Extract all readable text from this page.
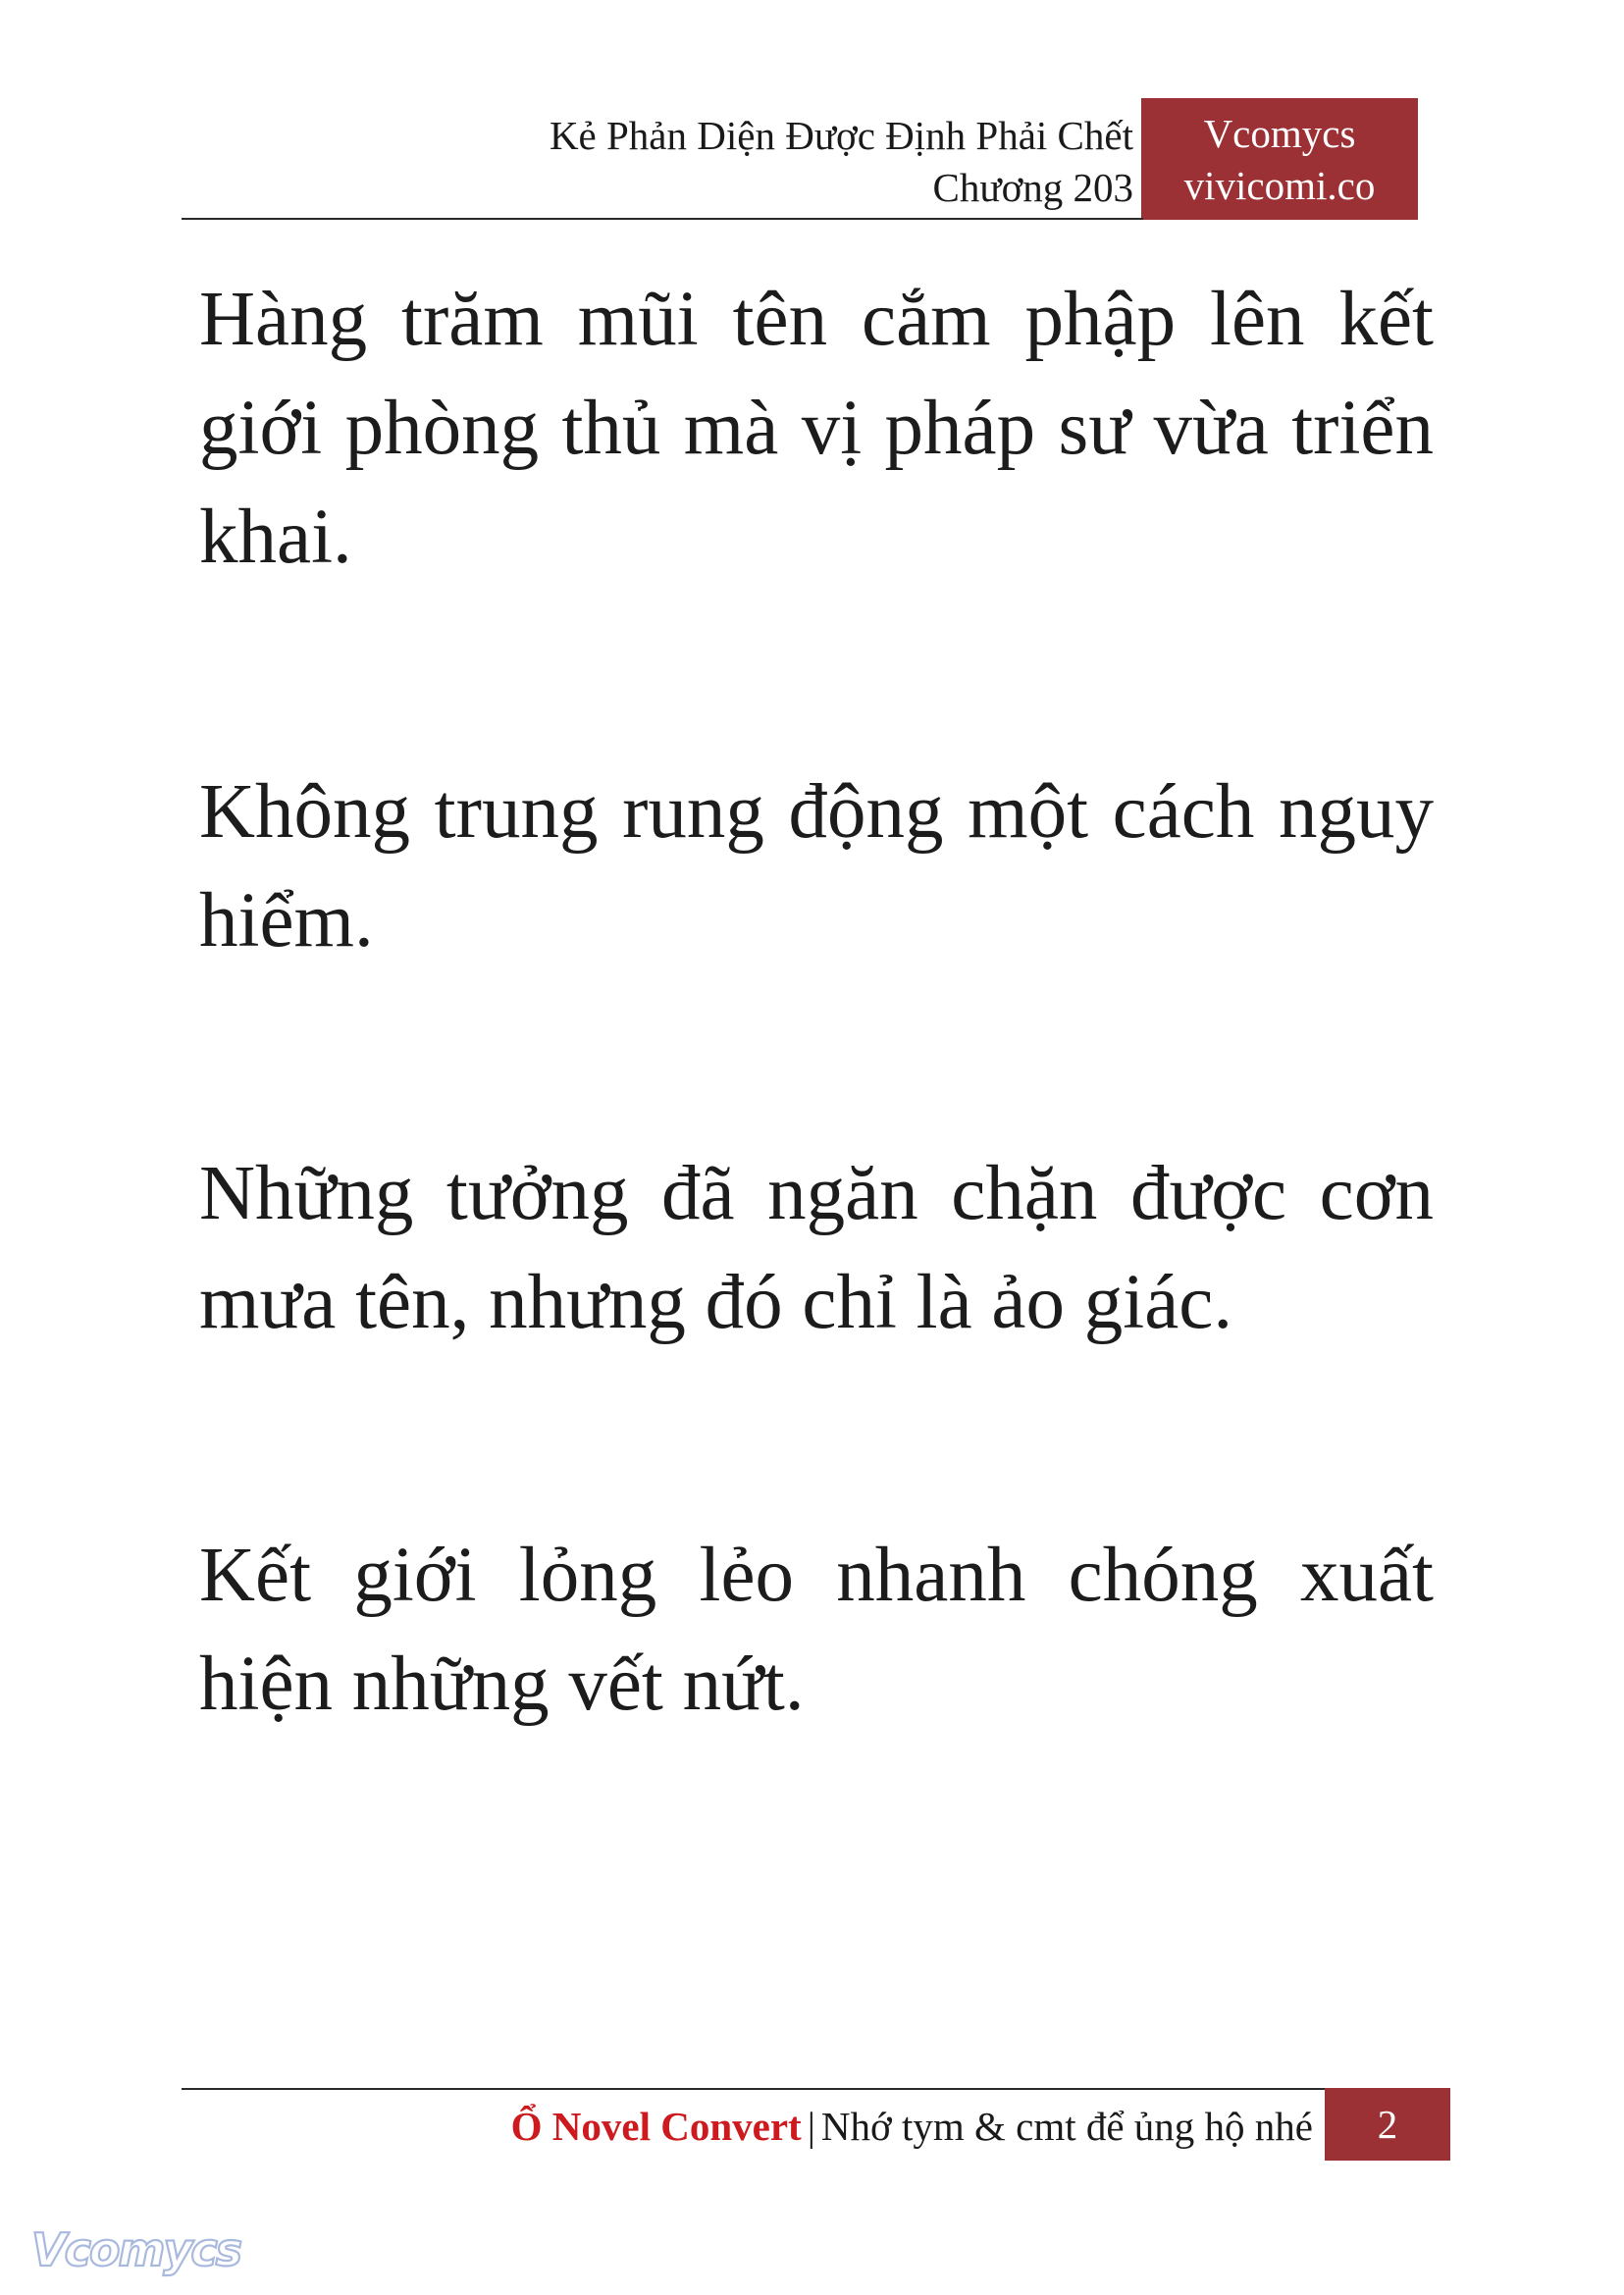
Kẻ Phản Diện Được Định Phải Chết
Chương 203
Vcomycs
vivicomi.co

Hàng trăm mũi tên cắm phập lên kết giới phòng thủ mà vị pháp sư vừa triển khai.

Không trung rung động một cách nguy hiểm.

Những tưởng đã ngăn chặn được cơn mưa tên, nhưng đó chỉ là ảo giác.

Kết giới lỏng lẻo nhanh chóng xuất hiện những vết nứt.

Ổ Novel Convert | Nhớ tym & cmt để ủng hộ nhé	2
Vcomycs
